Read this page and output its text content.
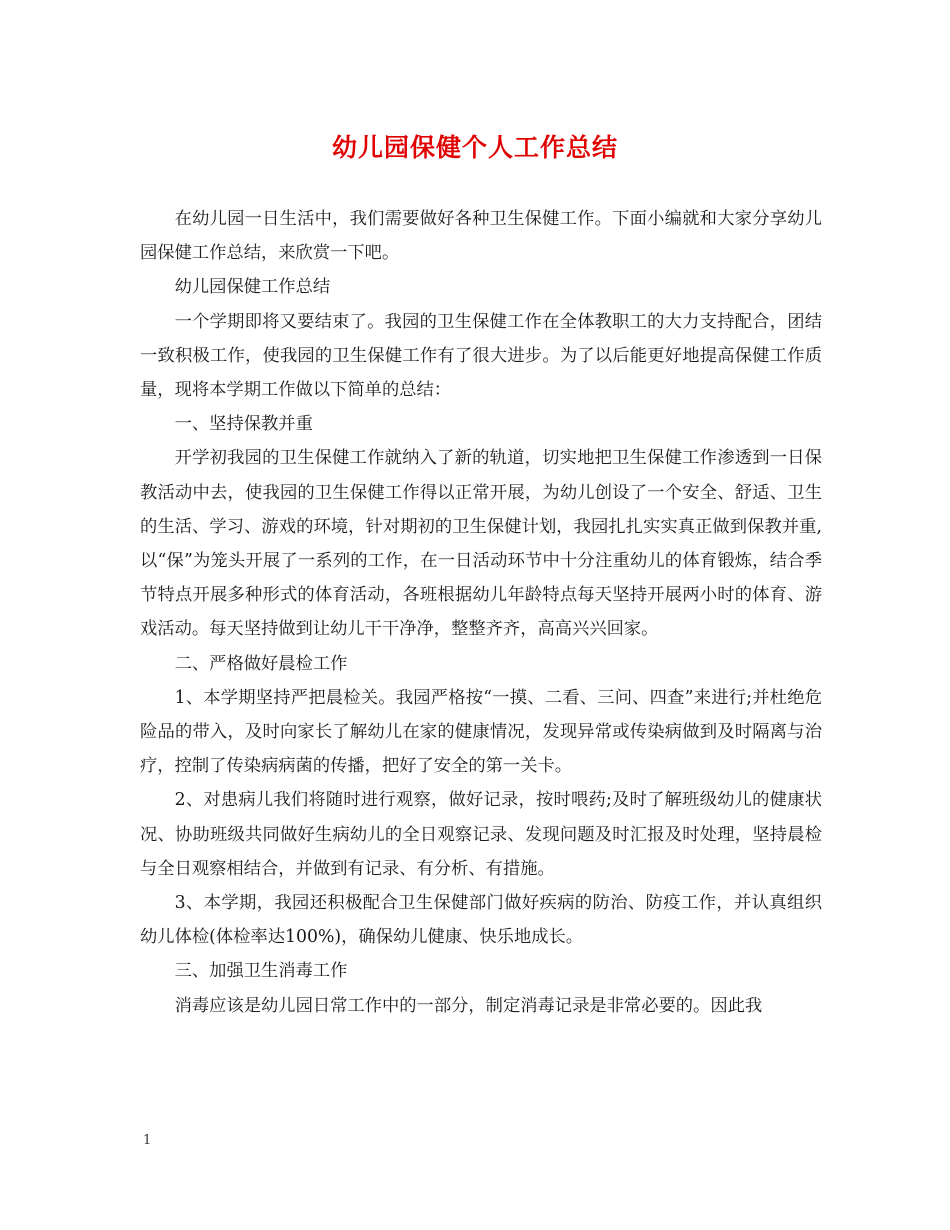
幼儿园保健个人工作总结

在幼儿园一日生活中，我们需要做好各种卫生保健工作。下面小编就和大家分享幼儿园保健工作总结，来欣赏一下吧。

幼儿园保健工作总结

一个学期即将又要结束了。我园的卫生保健工作在全体教职工的大力支持配合，团结一致积极工作，使我园的卫生保健工作有了很大进步。为了以后能更好地提高保健工作质量，现将本学期工作做以下简单的总结：

一、坚持保教并重

开学初我园的卫生保健工作就纳入了新的轨道，切实地把卫生保健工作渗透到一日保教活动中去，使我园的卫生保健工作得以正常开展，为幼儿创设了一个安全、舒适、卫生的生活、学习、游戏的环境，针对期初的卫生保健计划，我园扎扎实实真正做到保教并重,以“保”为笼头开展了一系列的工作，在一日活动环节中十分注重幼儿的体育锻炼，结合季节特点开展多种形式的体育活动，各班根据幼儿年龄特点每天坚持开展两小时的体育、游戏活动。每天坚持做到让幼儿干干净净，整整齐齐，高高兴兴回家。

二、严格做好晨检工作

1、本学期坚持严把晨检关。我园严格按“一摸、二看、三问、四查”来进行;并杜绝危险品的带入，及时向家长了解幼儿在家的健康情况，发现异常或传染病做到及时隔离与治疗，控制了传染病病菌的传播，把好了安全的第一关卡。

2、对患病儿我们将随时进行观察，做好记录，按时喂药;及时了解班级幼儿的健康状况、协助班级共同做好生病幼儿的全日观察记录、发现问题及时汇报及时处理，坚持晨检与全日观察相结合，并做到有记录、有分析、有措施。

3、本学期，我园还积极配合卫生保健部门做好疾病的防治、防疫工作，并认真组织幼儿体检(体检率达100%)，确保幼儿健康、快乐地成长。

三、加强卫生消毒工作

消毒应该是幼儿园日常工作中的一部分，制定消毒记录是非常必要的。因此我

1
